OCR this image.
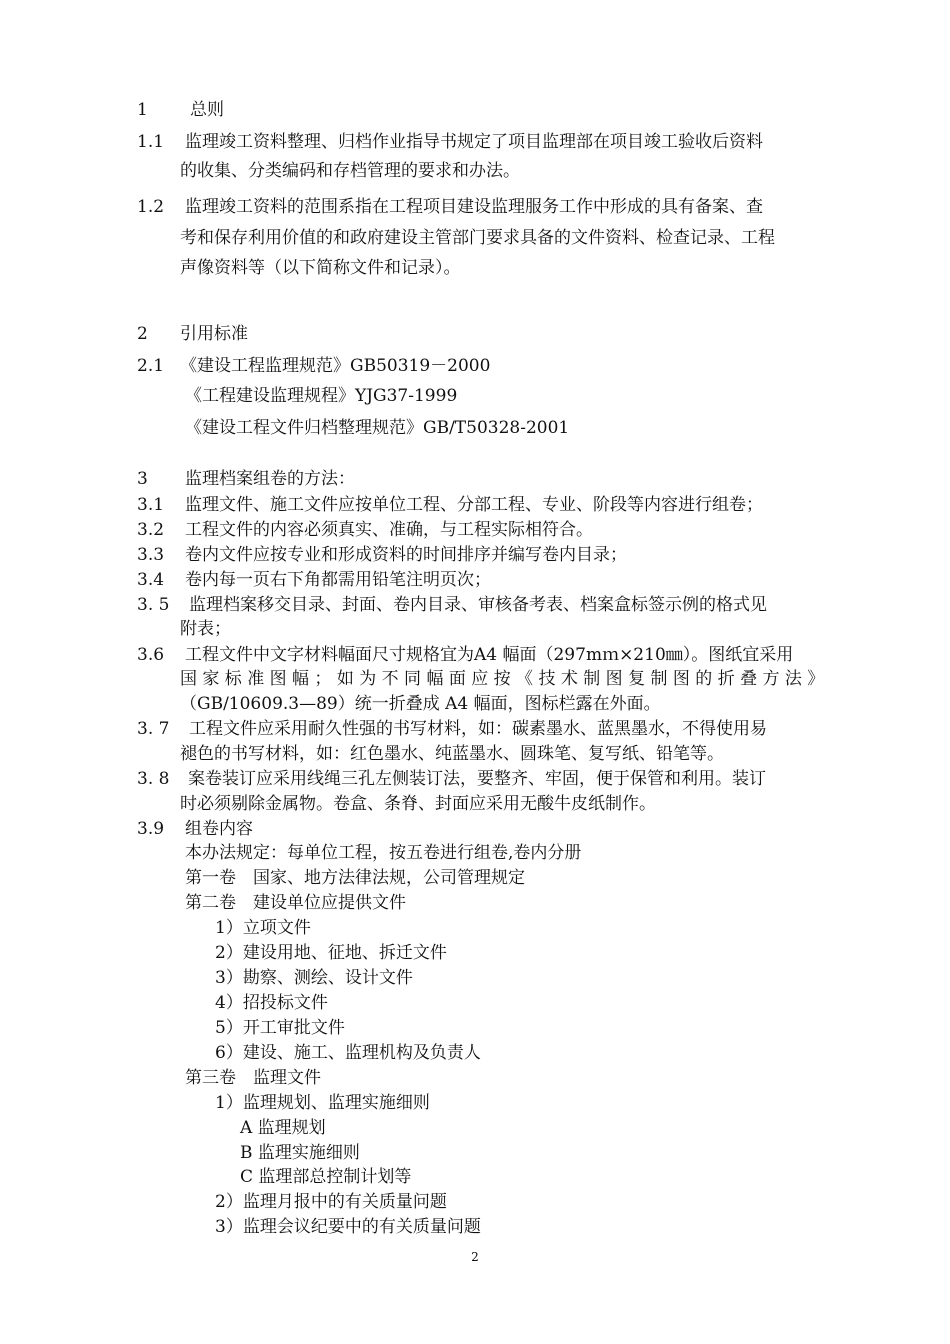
1 总则
1.1 监理竣工资料整理、归档作业指导书规定了项目监理部在项目竣工验收后资料
的收集、分类编码和存档管理的要求和办法。
1.2 监理竣工资料的范围系指在工程项目建设监理服务工作中形成的具有备案、查
考和保存利用价值的和政府建设主管部门要求具备的文件资料、检查记录、工程
声像资料等（以下简称文件和记录）。
2 引用标准
2.1 《建设工程监理规范》GB50319－2000
《工程建设监理规程》YJG37-1999
《建设工程文件归档整理规范》GB/T50328-2001
3 监理档案组卷的方法：
3.1 监理文件、施工文件应按单位工程、分部工程、专业、阶段等内容进行组卷；
3.2 工程文件的内容必须真实、准确，与工程实际相符合。
3.3 卷内文件应按专业和形成资料的时间排序并编写卷内目录；
3.4 卷内每一页右下角都需用铅笔注明页次；
3. 5 监理档案移交目录、封面、卷内目录、审核备考表、档案盒标签示例的格式见
附表；
3.6 工程文件中文字材料幅面尺寸规格宜为A4 幅面（297mｍ×210㎜）。图纸宜采用
国 家 标 准 图 幅 ； 如 为 不 同 幅 面 应 按 《 技 术 制 图 复 制 图 的 折 叠 方 法 》
（GB/10609.3—89）统一折叠成 A4 幅面，图标栏露在外面。
3. 7 工程文件应采用耐久性强的书写材料，如：碳素墨水、蓝黑墨水，不得使用易
褪色的书写材料，如：红色墨水、纯蓝墨水、圆珠笔、复写纸、铅笔等。
3. 8 案卷装订应采用线绳三孔左侧装订法，要整齐、牢固，便于保管和利用。装订
时必须剔除金属物。卷盒、条脊、封面应采用无酸牛皮纸制作。
3.9 组卷内容
本办法规定：每单位工程，按五卷进行组卷,卷内分册
第一卷　国家、地方法律法规，公司管理规定
第二卷　建设单位应提供文件
1）立项文件
2）建设用地、征地、拆迁文件
3）勘察、测绘、设计文件
4）招投标文件
5）开工审批文件
6）建设、施工、监理机构及负责人
第三卷　监理文件
1）监理规划、监理实施细则
A 监理规划
B 监理实施细则
C 监理部总控制计划等
2）监理月报中的有关质量问题
3）监理会议纪要中的有关质量问题
2
